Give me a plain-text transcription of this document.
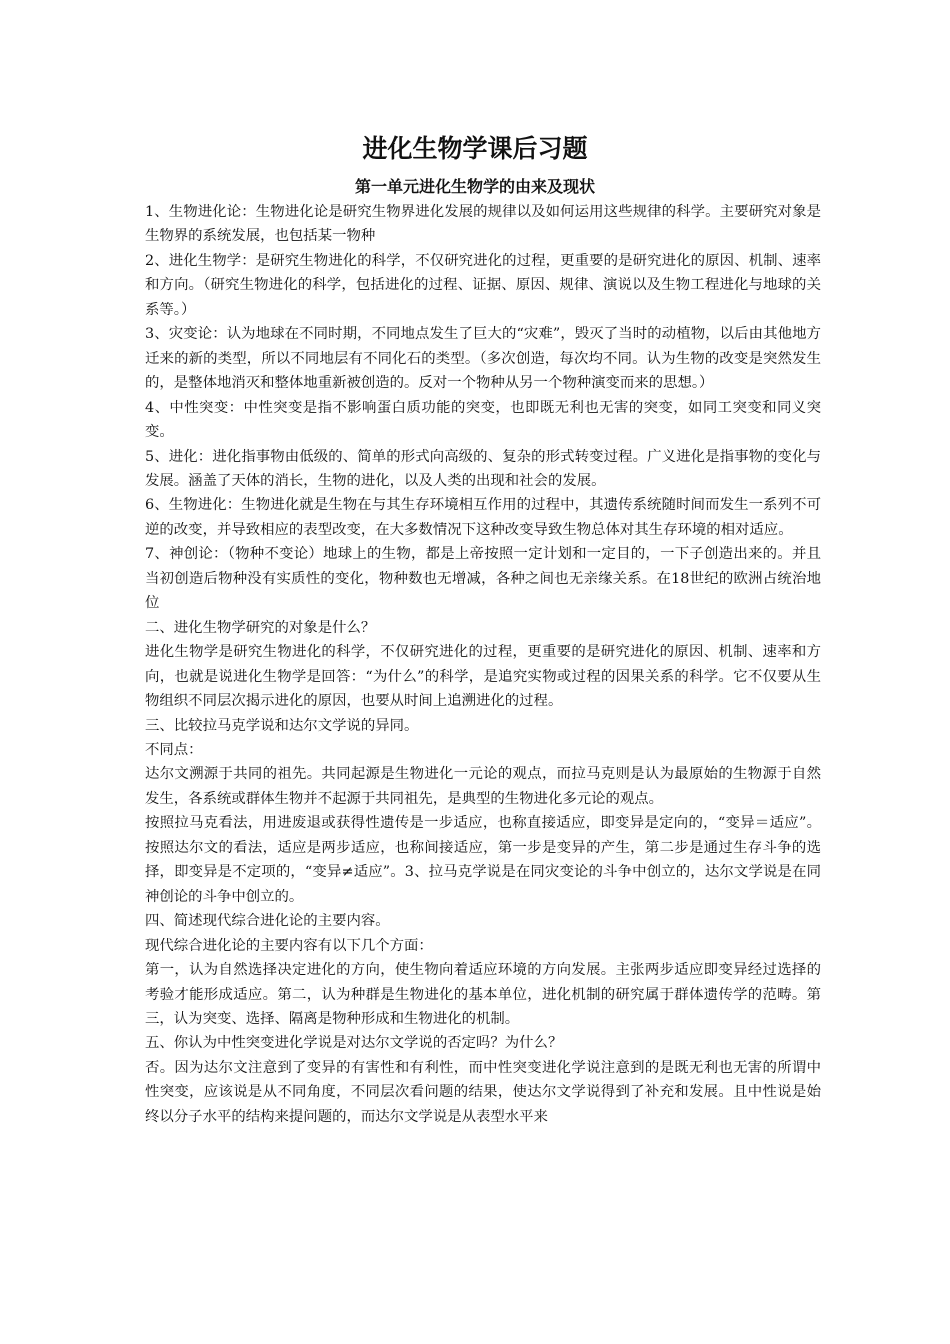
进化生物学课后习题
第一单元进化生物学的由来及现状

1、生物进化论：生物进化论是研究生物界进化发展的规律以及如何运用这些规律的科学。主要研究对象是生物界的系统发展，也包括某一物种

2、进化生物学：是研究生物进化的科学，不仅研究进化的过程，更重要的是研究进化的原因、机制、速率和方向。（研究生物进化的科学，包括进化的过程、证据、原因、规律、演说以及生物工程进化与地球的关系等。）

3、灾变论：认为地球在不同时期，不同地点发生了巨大的“灾难”，毁灭了当时的动植物，以后由其他地方迁来的新的类型，所以不同地层有不同化石的类型。（多次创造，每次均不同。认为生物的改变是突然发生的，是整体地消灭和整体地重新被创造的。反对一个物种从另一个物种演变而来的思想。）

4、中性突变：中性突变是指不影响蛋白质功能的突变，也即既无利也无害的突变，如同工突变和同义突变。

5、进化：进化指事物由低级的、简单的形式向高级的、复杂的形式转变过程。广义进化是指事物的变化与发展。涵盖了天体的消长，生物的进化，以及人类的出现和社会的发展。

6、生物进化：生物进化就是生物在与其生存环境相互作用的过程中，其遗传系统随时间而发生一系列不可逆的改变，并导致相应的表型改变，在大多数情况下这种改变导致生物总体对其生存环境的相对适应。

7、神创论：（物种不变论）地球上的生物，都是上帝按照一定计划和一定目的，一下子创造出来的。并且当初创造后物种没有实质性的变化，物种数也无增减，各种之间也无亲缘关系。在18世纪的欧洲占统治地位

二、进化生物学研究的对象是什么？

进化生物学是研究生物进化的科学，不仅研究进化的过程，更重要的是研究进化的原因、机制、速率和方向，也就是说进化生物学是回答：“为什么”的科学，是追究实物或过程的因果关系的科学。它不仅要从生物组织不同层次揭示进化的原因，也要从时间上追溯进化的过程。

三、比较拉马克学说和达尔文学说的异同。

不同点：

达尔文溯源于共同的祖先。共同起源是生物进化一元论的观点，而拉马克则是认为最原始的生物源于自然发生，各系统或群体生物并不起源于共同祖先，是典型的生物进化多元论的观点。

按照拉马克看法，用进废退或获得性遗传是一步适应，也称直接适应，即变异是定向的，“变异＝适应”。按照达尔文的看法，适应是两步适应，也称间接适应，第一步是变异的产生，第二步是通过生存斗争的选择，即变异是不定项的，“变异≠适应”。3、拉马克学说是在同灾变论的斗争中创立的，达尔文学说是在同神创论的斗争中创立的。

四、简述现代综合进化论的主要内容。

现代综合进化论的主要内容有以下几个方面：

第一，认为自然选择决定进化的方向，使生物向着适应环境的方向发展。主张两步适应即变异经过选择的考验才能形成适应。第二，认为种群是生物进化的基本单位，进化机制的研究属于群体遗传学的范畴。第三，认为突变、选择、隔离是物种形成和生物进化的机制。

五、你认为中性突变进化学说是对达尔文学说的否定吗？为什么？

否。因为达尔文注意到了变异的有害性和有利性，而中性突变进化学说注意到的是既无利也无害的所谓中性突变，应该说是从不同角度，不同层次看问题的结果，使达尔文学说得到了补充和发展。且中性说是始终以分子水平的结构来提问题的，而达尔文学说是从表型水平来
